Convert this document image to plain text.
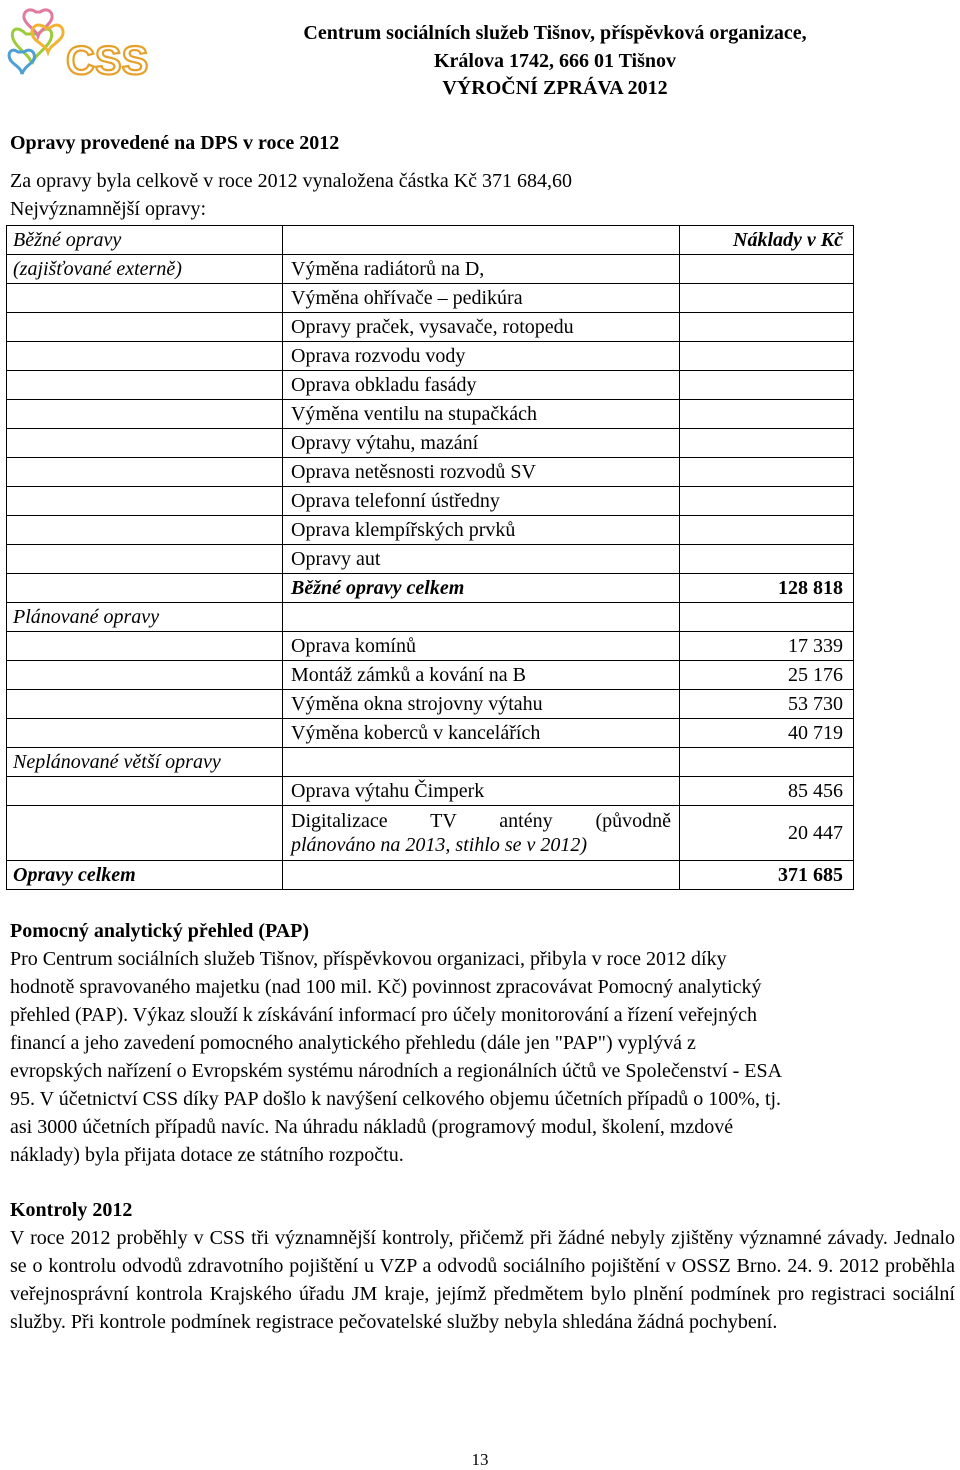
CSS
Centrum sociálních služeb Tišnov, příspěvková organizace,
Králova 1742, 666 01 Tišnov
VÝROČNÍ ZPRÁVA 2012
Opravy provedené na DPS v roce 2012
Za opravy byla celkově v roce 2012 vynaložena částka Kč 371 684,60
Nejvýznamnější opravy:
Běžné opravy		Náklady v Kč
(zajišťované externě)	Výměna radiátorů na D,	
	Výměna ohřívače – pedikúra	
	Opravy praček, vysavače, rotopedu	
	Oprava rozvodu vody	
	Oprava obkladu fasády	
	Výměna ventilu na stupačkách	
	Opravy výtahu, mazání	
	Oprava netěsnosti rozvodů SV	
	Oprava telefonní ústředny	
	Oprava klempířských prvků	
	Opravy aut	
	Běžné opravy celkem	128 818
Plánované opravy		
	Oprava komínů	17 339
	Montáž zámků a kování na B	25 176
	Výměna okna strojovny výtahu	53 730
	Výměna koberců v kancelářích	40 719
Neplánované větší opravy		
	Oprava výtahu Čimperk	85 456

	Digitalizace TV antény (původně
plánováno na 2013, stihlo se v 2012)	20 447
Opravy celkem		371 685
Pomocný analytický přehled (PAP)
Pro Centrum sociálních služeb Tišnov, příspěvkovou organizaci, přibyla v roce 2012 díky
hodnotě spravovaného majetku (nad 100 mil. Kč) povinnost zpracovávat Pomocný analytický
přehled (PAP). Výkaz slouží k získávání informací pro účely monitorování a řízení veřejných
financí a jeho zavedení pomocného analytického přehledu (dále jen "PAP") vyplývá z
evropských nařízení o Evropském systému národních a regionálních účtů ve Společenství - ESA
95. V účetnictví CSS díky PAP došlo k navýšení celkového objemu účetních případů o 100%, tj.
asi 3000 účetních případů navíc. Na úhradu nákladů (programový modul, školení, mzdové
náklady) byla přijata dotace ze státního rozpočtu.
Kontroly 2012

V roce 2012 proběhly v CSS tři významnější kontroly, přičemž při žádné nebyly zjištěny významné závady. Jednalo se o kontrolu odvodů zdravotního pojištění u VZP a odvodů sociálního pojištění v OSSZ Brno. 24. 9. 2012 proběhla veřejnosprávní kontrola Krajského úřadu JM kraje, jejímž předmětem bylo plnění podmínek pro registraci sociální služby. Při kontrole podmínek registrace pečovatelské služby nebyla shledána žádná pochybení.

13
